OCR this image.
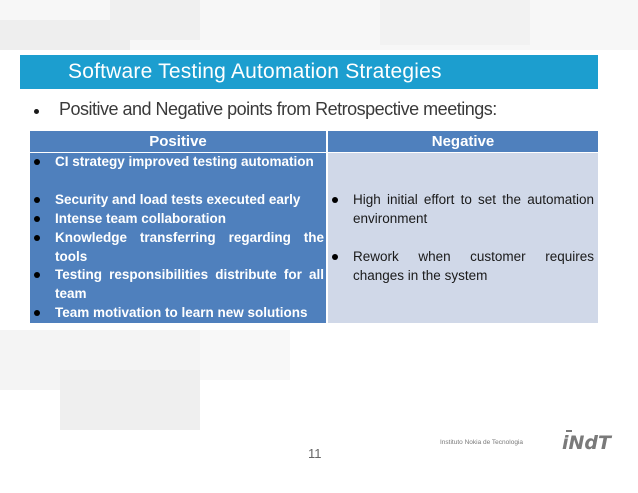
Software Testing Automation Strategies
Positive and Negative points from Retrospective meetings:
Positive	Negative
CI strategy improved testing automation
Security and load tests executed early
Intense team collaboration
Knowledge transferring regarding the tools
Testing responsibilities distribute for all team
Team motivation to learn new solutions
High initial effort to set the automation environment
Rework when customer requires changes in the system
11
Instituto Nokia de Tecnologia iNdT
